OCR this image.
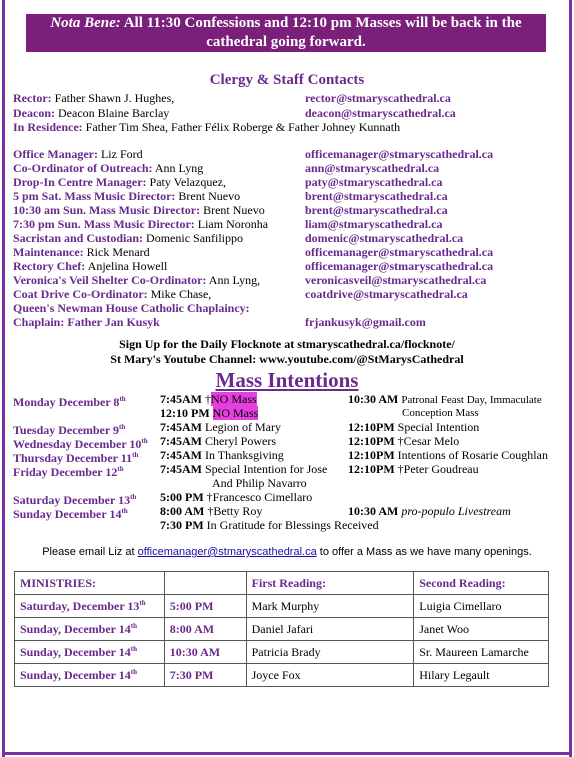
Nota Bene: All 11:30 Confessions and 12:10 pm Masses will be back in the cathedral going forward.
Clergy & Staff Contacts
Rector: Father Shawn J. Hughes,	rector@stmaryscathedral.ca
Deacon: Deacon Blaine Barclay	deacon@stmaryscathedral.ca
In Residence: Father Tim Shea, Father Félix Roberge & Father Johney Kunnath
Office Manager: Liz Ford	officemanager@stmaryscathedral.ca
Co-Ordinator of Outreach: Ann Lyng	ann@stmaryscathedral.ca
Drop-In Centre Manager: Paty Velazquez,	paty@stmaryscathedral.ca
5 pm Sat. Mass Music Director: Brent Nuevo	brent@stmaryscathedral.ca
10:30 am Sun. Mass Music Director: Brent Nuevo	brent@stmaryscathedral.ca
7:30 pm Sun. Mass Music Director: Liam Noronha	liam@stmaryscathedral.ca
Sacristan and Custodian: Domenic Sanfilippo	domenic@stmaryscathedral.ca
Maintenance: Rick Menard	officemanager@stmaryscathedral.ca
Rectory Chef: Anjelina Howell	officemanager@stmaryscathedral.ca
Veronica's Veil Shelter Co-Ordinator: Ann Lyng,	veronicasveil@stmaryscathedral.ca
Coat Drive Co-Ordinator: Mike Chase,	coatdrive@stmaryscathedral.ca
Queen's Newman House Catholic Chaplaincy:
Chaplain: Father Jan Kusyk	frjankusyk@gmail.com
Sign Up for the Daily Flocknote at stmaryscathedral.ca/flocknote/
St Mary's Youtube Channel: www.youtube.com/@StMarysCathedral
Mass Intentions
Monday December 8th	7:45AM †NO Mass	10:30 AM Patronal Feast Day, Immaculate
12:10 PM NO Mass	Conception Mass
Tuesday December 9th	7:45AM Legion of Mary	12:10PM Special Intention
Wednesday December 10th 7:45AM Cheryl Powers	12:10PM †Cesar Melo
Thursday December 11th 7:45AM In Thanksgiving	12:10PM Intentions of Rosarie Coughlan
Friday December 12th	7:45AM Special Intention for Jose 12:10PM †Peter Goudreau
And Philip Navarro
Saturday December 13th 5:00 PM †Francesco Cimellaro
Sunday December 14th	8:00 AM †Betty Roy	10:30 AM pro-populo Livestream
7:30 PM In Gratitude for Blessings Received
Please email Liz at officemanager@stmaryscathedral.ca to offer a Mass as we have many openings.
MINISTRIES:		First Reading:	Second Reading:
Saturday, December 13th	5:00 PM	Mark Murphy	Luigia Cimellaro
Sunday, December 14th	8:00 AM	Daniel Jafari	Janet Woo
Sunday, December 14th	10:30 AM	Patricia Brady	Sr. Maureen Lamarche
Sunday, December 14th	7:30 PM	Joyce Fox	Hilary Legault
